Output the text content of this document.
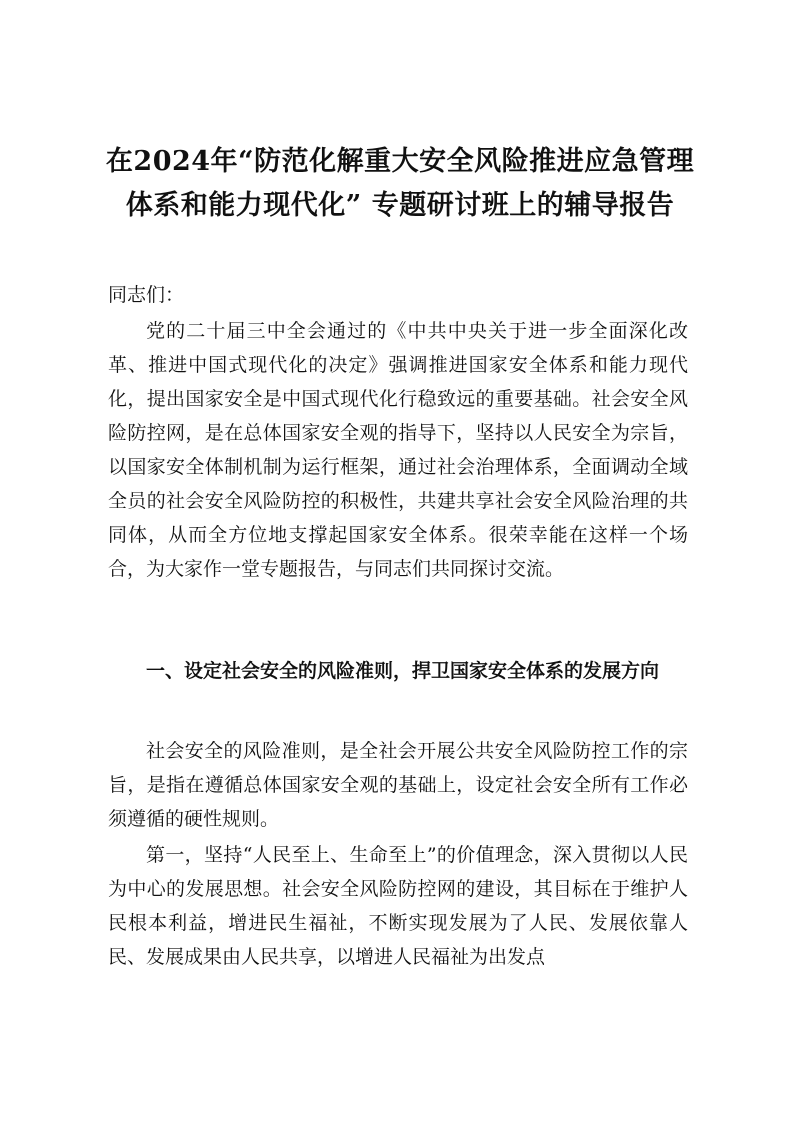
在2024年“防范化解重大安全风险推进应急管理体系和能力现代化” 专题研讨班上的辅导报告

同志们：

党的二十届三中全会通过的《中共中央关于进一步全面深化改革、推进中国式现代化的决定》强调推进国家安全体系和能力现代化，提出国家安全是中国式现代化行稳致远的重要基础。社会安全风险防控网，是在总体国家安全观的指导下，坚持以人民安全为宗旨，以国家安全体制机制为运行框架，通过社会治理体系，全面调动全域全员的社会安全风险防控的积极性，共建共享社会安全风险治理的共同体，从而全方位地支撑起国家安全体系。很荣幸能在这样一个场合，为大家作一堂专题报告，与同志们共同探讨交流。

一、设定社会安全的风险准则，捍卫国家安全体系的发展方向

社会安全的风险准则，是全社会开展公共安全风险防控工作的宗旨，是指在遵循总体国家安全观的基础上，设定社会安全所有工作必须遵循的硬性规则。

第一，坚持“人民至上、生命至上”的价值理念，深入贯彻以人民为中心的发展思想。社会安全风险防控网的建设，其目标在于维护人民根本利益，增进民生福祉，不断实现发展为了人民、发展依靠人民、发展成果由人民共享，以增进人民福祉为出发点
